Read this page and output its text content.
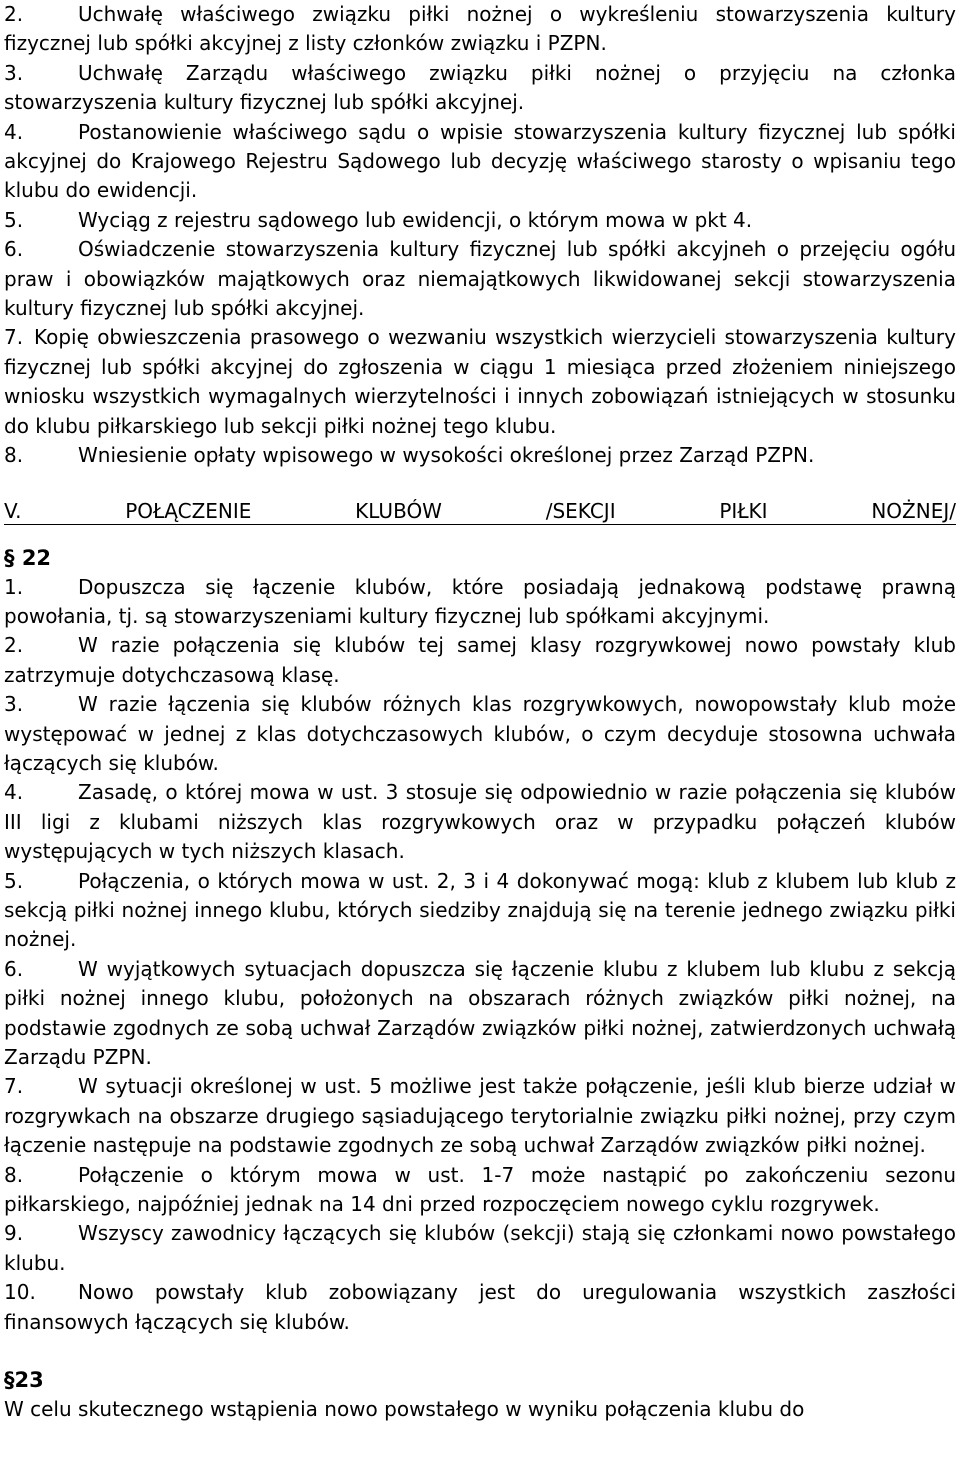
2.	Uchwałę właściwego związku piłki nożnej o wykreśleniu stowarzyszenia kultury fizycznej lub spółki akcyjnej z listy członków związku i PZPN.

3.	Uchwałę Zarządu właściwego związku piłki nożnej o przyjęciu na członka stowarzyszenia kultury fizycznej lub spółki akcyjnej.

4.	Postanowienie właściwego sądu o wpisie stowarzyszenia kultury fizycznej lub spółki akcyjnej do Krajowego Rejestru Sądowego lub decyzję właściwego starosty o wpisaniu tego klubu do ewidencji.

5.	Wyciąg z rejestru sądowego lub ewidencji, o którym mowa w pkt 4.

6.	Oświadczenie stowarzyszenia kultury fizycznej lub spółki akcyjneh o przejęciu ogółu praw i obowiązków majątkowych oraz niemajątkowych likwidowanej sekcji stowarzyszenia kultury fizycznej lub spółki akcyjnej.

7. Kopię obwieszczenia prasowego o wezwaniu wszystkich wierzycieli stowarzyszenia kultury fizycznej lub spółki akcyjnej do zgłoszenia w ciągu 1 miesiąca przed złożeniem niniejszego wniosku wszystkich wymagalnych wierzytelności i innych zobowiązań istniejących w stosunku do klubu piłkarskiego lub sekcji piłki nożnej tego klubu.

8.	Wniesienie opłaty wpisowego w wysokości określonej przez Zarząd PZPN.

V.	POŁĄCZENIE	KLUBÓW	/SEKCJI	PIŁKI	NOŻNEJ/
§ 22

1.	Dopuszcza się łączenie klubów, które posiadają jednakową podstawę prawną powołania, tj. są stowarzyszeniami kultury fizycznej lub spółkami akcyjnymi.

2.	W razie połączenia się klubów tej samej klasy rozgrywkowej nowo powstały klub zatrzymuje dotychczasową klasę.

3.	W razie łączenia się klubów różnych klas rozgrywkowych, nowopowstały klub może występować w jednej z klas dotychczasowych klubów, o czym decyduje stosowna uchwała łączących się klubów.

4.	Zasadę, o której mowa w ust. 3 stosuje się odpowiednio w razie połączenia się klubów III ligi z klubami niższych klas rozgrywkowych oraz w przypadku połączeń klubów występujących w tych niższych klasach.

5.	Połączenia, o których mowa w ust. 2, 3 i 4 dokonywać mogą: klub z klubem lub klub z sekcją piłki nożnej innego klubu, których siedziby znajdują się na terenie jednego związku piłki nożnej.

6.	W wyjątkowych sytuacjach dopuszcza się łączenie klubu z klubem lub klubu z sekcją piłki nożnej innego klubu, położonych na obszarach różnych związków piłki nożnej, na podstawie zgodnych ze sobą uchwał Zarządów związków piłki nożnej, zatwierdzonych uchwałą Zarządu PZPN.

7.	W sytuacji określonej w ust. 5 możliwe jest także połączenie, jeśli klub bierze udział w rozgrywkach na obszarze drugiego sąsiadującego terytorialnie związku piłki nożnej, przy czym łączenie następuje na podstawie zgodnych ze sobą uchwał Zarządów związków piłki nożnej.

8.	Połączenie o którym mowa w ust. 1-7 może nastąpić po zakończeniu sezonu piłkarskiego, najpóźniej jednak na 14 dni przed rozpoczęciem nowego cyklu rozgrywek.

9.	Wszyscy zawodnicy łączących się klubów (sekcji) stają się członkami nowo powstałego klubu.

10. Nowo powstały klub zobowiązany jest do uregulowania wszystkich zaszłości finansowych łączących się klubów.

§23

W celu skutecznego wstąpienia nowo powstałego w wyniku połączenia klubu do
